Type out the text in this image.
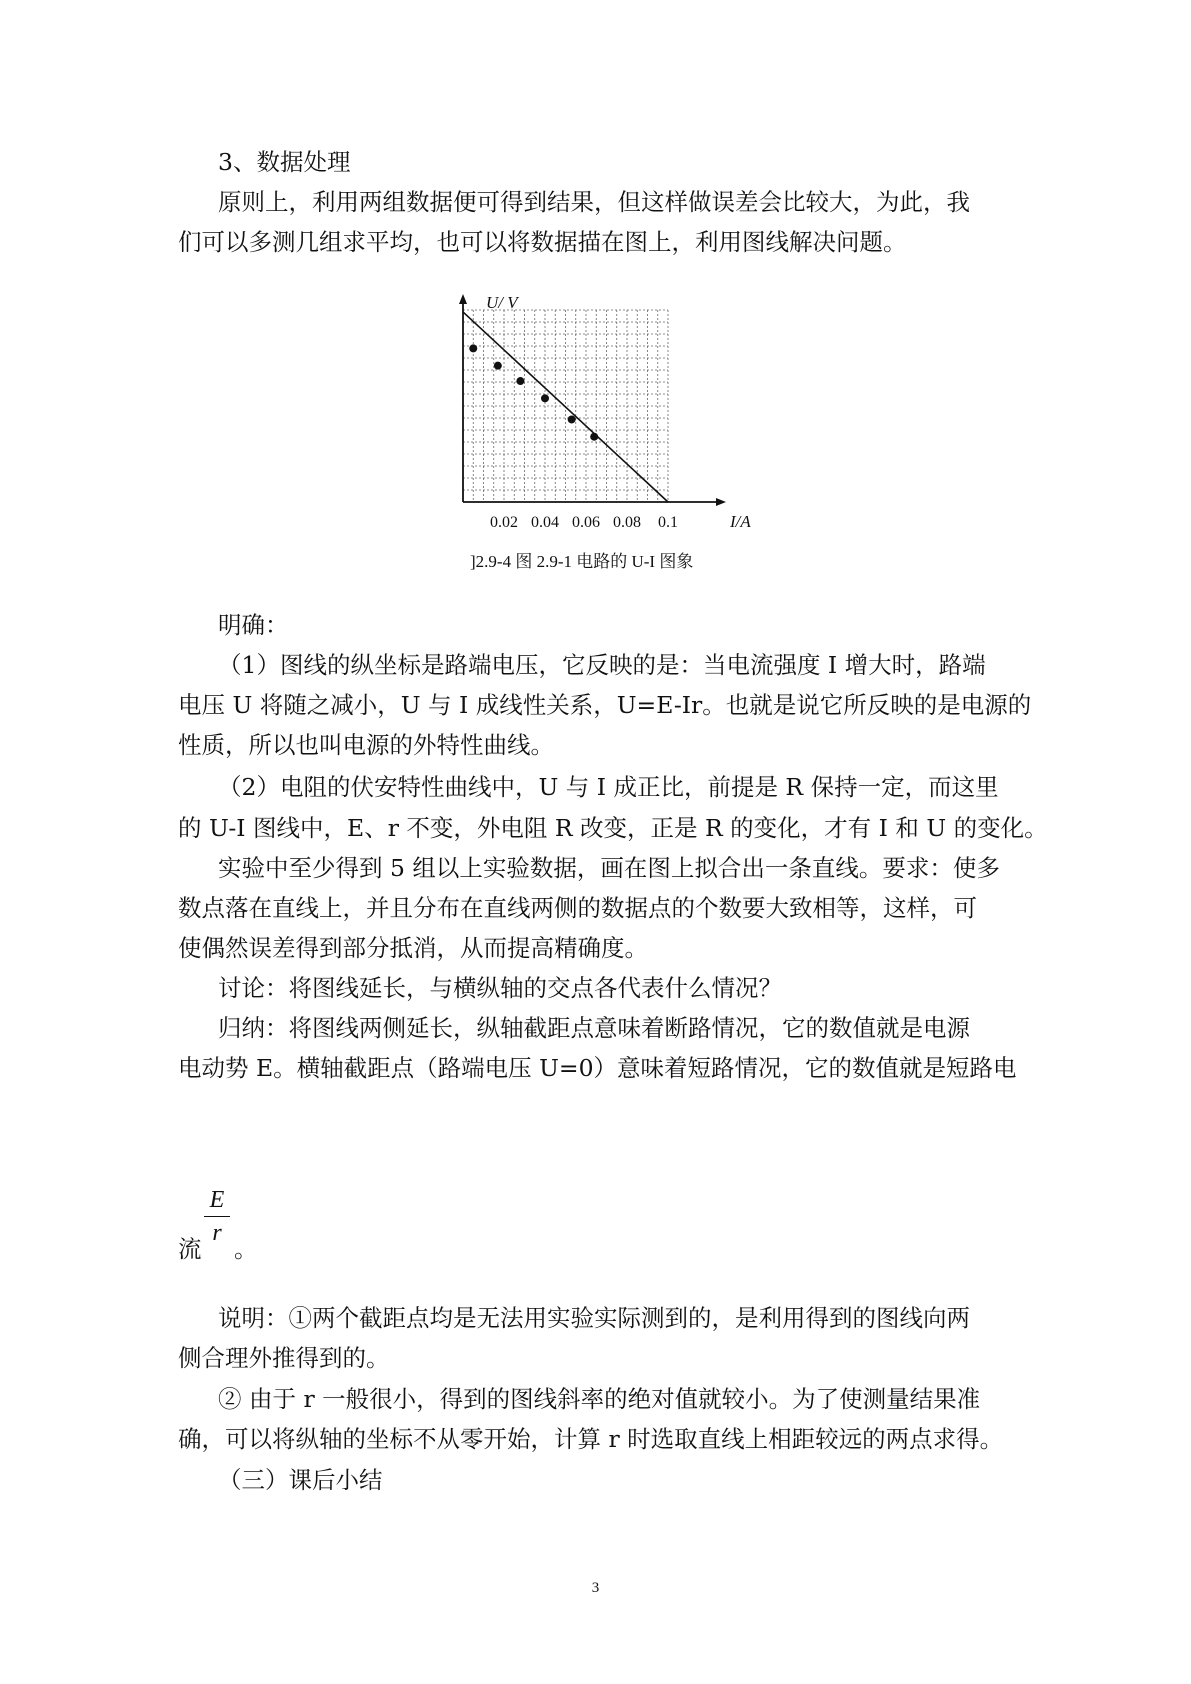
3、数据处理
原则上，利用两组数据便可得到结果，但这样做误差会比较大，为此，我
们可以多测几组求平均，也可以将数据描在图上，利用图线解决问题。
U/ V
0.02 0.04 0.06 0.08 0.1	I/A
]2.9-4 图 2.9-1 电路的 U-I 图象
明确：
（1）图线的纵坐标是路端电压，它反映的是：当电流强度 I 增大时，路端
电压 U 将随之减小，U 与 I 成线性关系，U=E-Ir。也就是说它所反映的是电源的
性质，所以也叫电源的外特性曲线。
（2）电阻的伏安特性曲线中，U 与 I 成正比，前提是 R 保持一定，而这里
的 U-I 图线中，E、r 不变，外电阻 R 改变，正是 R 的变化，才有 I 和 U 的变化。
实验中至少得到 5 组以上实验数据，画在图上拟合出一条直线。要求：使多
数点落在直线上，并且分布在直线两侧的数据点的个数要大致相等，这样，可
使偶然误差得到部分抵消，从而提高精确度。
讨论：将图线延长，与横纵轴的交点各代表什么情况？
归纳：将图线两侧延长，纵轴截距点意味着断路情况，它的数值就是电源
电动势 E。横轴截距点（路端电压 U=0）意味着短路情况，它的数值就是短路电
流
E
r
。
说明：①两个截距点均是无法用实验实际测到的，是利用得到的图线向两
侧合理外推得到的。
② 由于 r 一般很小，得到的图线斜率的绝对值就较小。为了使测量结果准
确，可以将纵轴的坐标不从零开始，计算 r 时选取直线上相距较远的两点求得。
（三）课后小结
3
